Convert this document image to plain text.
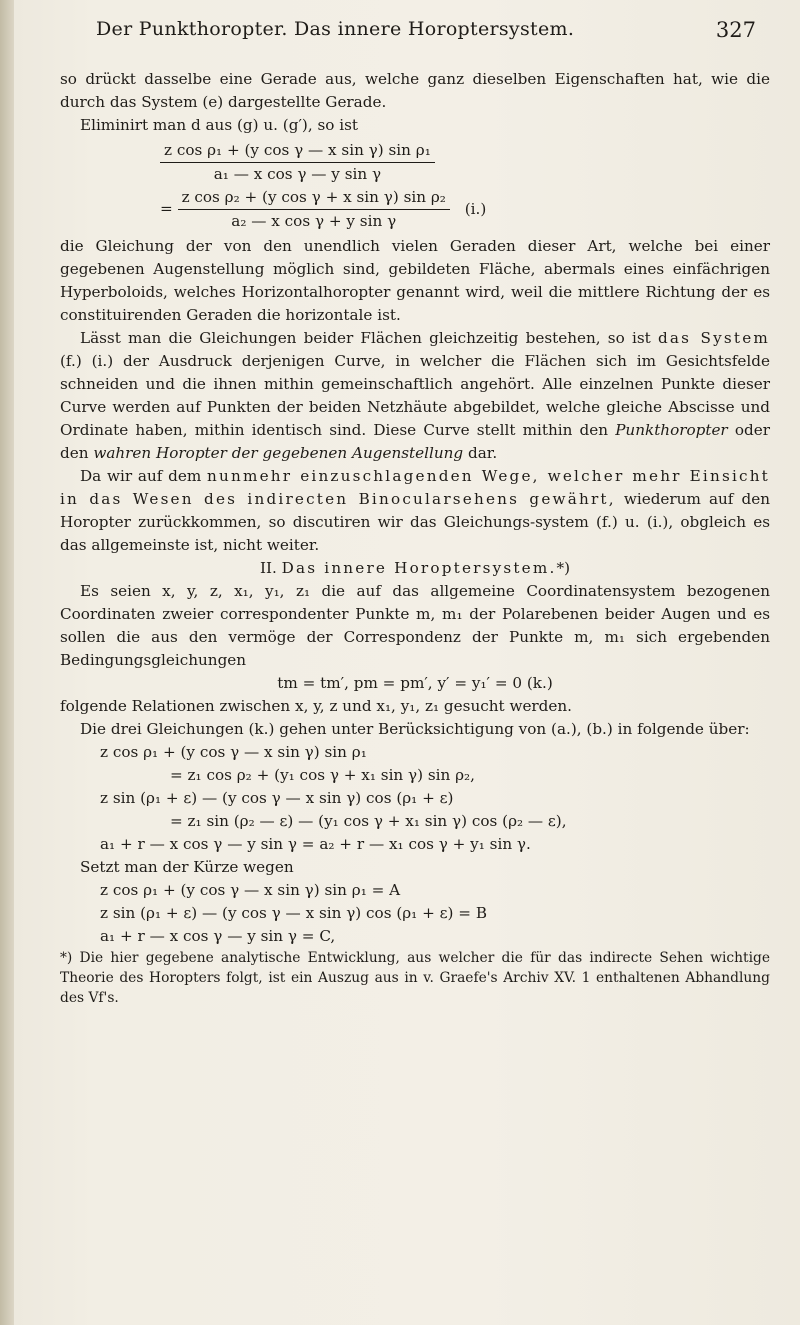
Der Punkthoropter. Das innere Horoptersystem.	327

so drückt dasselbe eine Gerade aus, welche ganz dieselben Eigenschaften hat, wie die durch das System (e) dargestellte Gerade.

Eliminirt man d aus (g) u. (g′), so ist

$\frac{\text{z cos ρ₁ + (y cos γ — x sin γ) sin ρ₁}}{\text{a₁ — x cos γ — y sin γ}}$
= $\frac{\text{z cos ρ₂ + (y cos γ + x sin γ) sin ρ₂}}{\text{a₂ — x cos γ + y sin γ}} (i.)$

die Gleichung der von den unendlich vielen Geraden dieser Art, welche bei einer gegebenen Augenstellung möglich sind, gebildeten Fläche, abermals eines einfächrigen Hyperboloids, welches Horizontalhoropter genannt wird, weil die mittlere Richtung der es constituirenden Geraden die horizontale ist.

Lässt man die Gleichungen beider Flächen gleichzeitig bestehen, so ist das System (f.) (i.) der Ausdruck derjenigen Curve, in welcher die Flächen sich im Gesichtsfelde schneiden und die ihnen mithin gemeinschaftlich angehört. Alle einzelnen Punkte dieser Curve werden auf Punkten der beiden Netzhäute abgebildet, welche gleiche Abscisse und Ordinate haben, mithin identisch sind. Diese Curve stellt mithin den Punkthoropter oder den wahren Horopter der gegebenen Augenstellung dar.

Da wir auf dem nunmehr einzuschlagenden Wege, welcher mehr Einsicht in das Wesen des indirecten Binocularsehens gewährt, wiederum auf den Horopter zurückkommen, so discutiren wir das Gleichungs-system (f.) u. (i.), obgleich es das allgemeinste ist, nicht weiter.

II. Das innere Horoptersystem.*)

Es seien x, y, z, x₁, y₁, z₁ die auf das allgemeine Coordinatensystem bezogenen Coordinaten zweier correspondenter Punkte m, m₁ der Polarebenen beider Augen und es sollen die aus den vermöge der Correspondenz der Punkte m, m₁ sich ergebenden Bedingungsgleichungen

tm = tm′, pm = pm′, y′ = y₁′ = 0 (k.)

folgende Relationen zwischen x, y, z und x₁, y₁, z₁ gesucht werden.

Die drei Gleichungen (k.) gehen unter Berücksichtigung von (a.), (b.) in folgende über:

z cos ρ₁ + (y cos γ — x sin γ) sin ρ₁
= z₁ cos ρ₂ + (y₁ cos γ + x₁ sin γ) sin ρ₂,
z sin (ρ₁ + ε) — (y cos γ — x sin γ) cos (ρ₁ + ε)
= z₁ sin (ρ₂ — ε) — (y₁ cos γ + x₁ sin γ) cos (ρ₂ — ε),
a₁ + r — x cos γ — y sin γ = a₂ + r — x₁ cos γ + y₁ sin γ.

Setzt man der Kürze wegen

z cos ρ₁ + (y cos γ — x sin γ) sin ρ₁ = A
z sin (ρ₁ + ε) — (y cos γ — x sin γ) cos (ρ₁ + ε) = B
a₁ + r — x cos γ — y sin γ = C,

*) Die hier gegebene analytische Entwicklung, aus welcher die für das indirecte Sehen wichtige Theorie des Horopters folgt, ist ein Auszug aus in v. Graefe's Archiv XV. 1 enthaltenen Abhandlung des Vf's.
